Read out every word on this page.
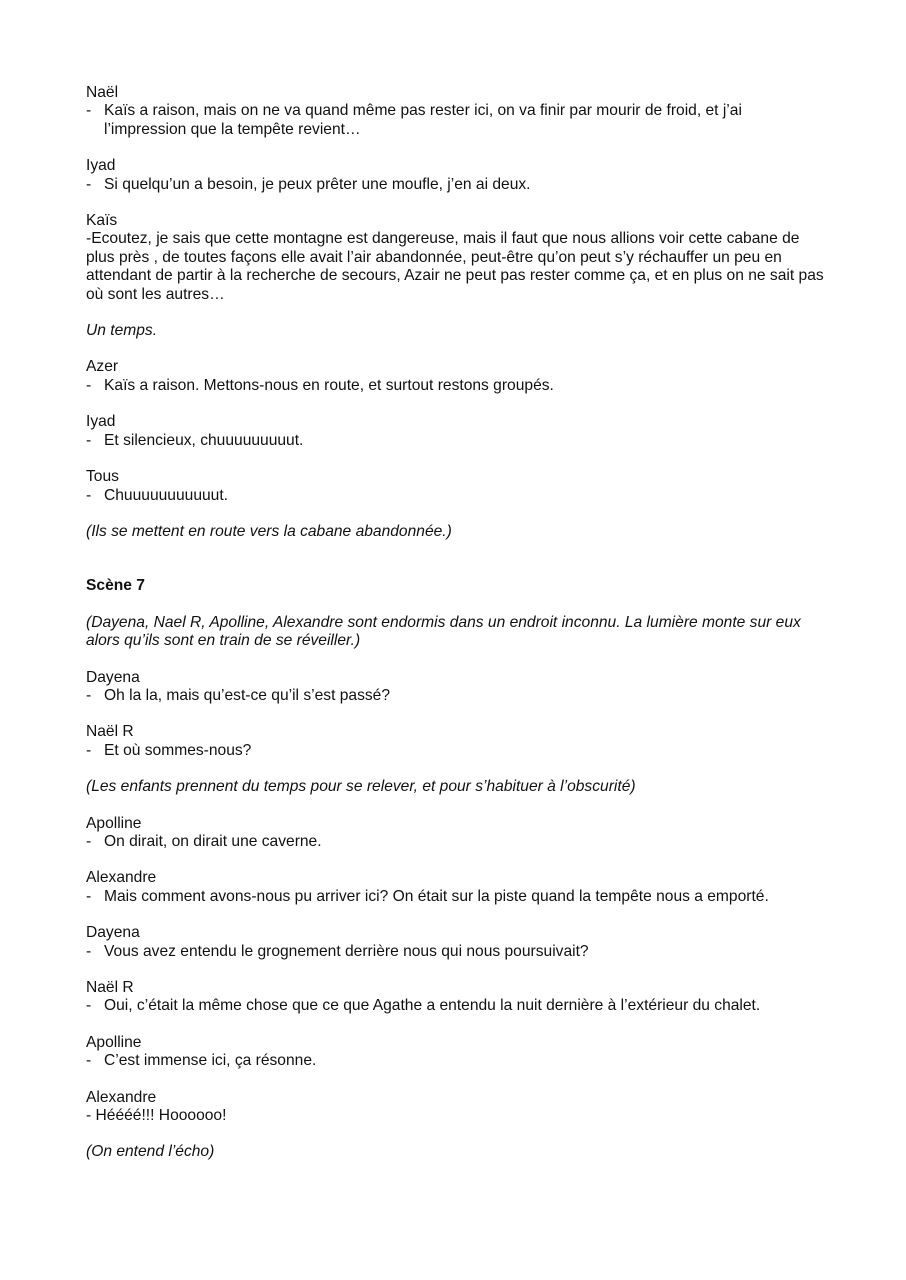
Naël
- Kaïs a raison, mais on ne va quand même pas rester ici, on va finir par mourir de froid, et j’ai l’impression que la tempête revient…
Iyad
- Si quelqu’un a besoin, je peux prêter une moufle, j’en ai deux.
Kaïs
-Ecoutez, je sais que cette montagne est dangereuse, mais il faut que nous allions voir cette cabane de plus près , de toutes façons elle avait l’air abandonnée, peut-être qu’on peut s’y réchauffer un peu en attendant de partir à la recherche de secours, Azair ne peut pas rester comme ça, et en plus on ne sait pas où sont les autres…
Un temps.
Azer
- Kaïs a raison. Mettons-nous en route, et surtout restons groupés.
Iyad
- Et silencieux, chuuuuuuuuut.
Tous
- Chuuuuuuuuuuut.
(Ils se mettent en route vers la cabane abandonnée.)
Scène 7
(Dayena, Nael R, Apolline, Alexandre sont endormis dans un endroit inconnu. La lumière monte sur eux alors qu’ils sont en train de se réveiller.)
Dayena
- Oh la la, mais qu’est-ce qu’il s’est passé?
Naël R
- Et où sommes-nous?
(Les enfants prennent du temps pour se relever, et pour s’habituer à l’obscurité)
Apolline
- On dirait, on dirait une caverne.
Alexandre
- Mais comment avons-nous pu arriver ici? On était sur la piste quand la tempête nous a emporté.
Dayena
- Vous avez entendu le grognement derrière nous qui nous poursuivait?
Naël R
- Oui, c’était la même chose que ce que Agathe a entendu la nuit dernière à l’extérieur du chalet.
Apolline
- C’est immense ici, ça résonne.
Alexandre
- Héééé!!! Hoooooo!
(On entend l’écho)
